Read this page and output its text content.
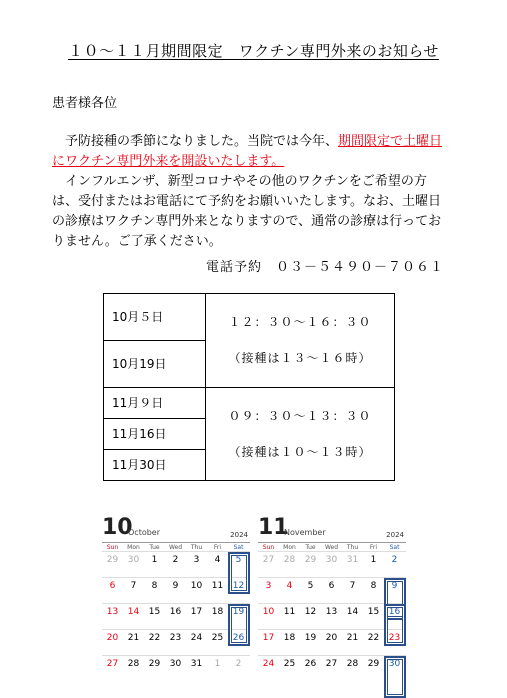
１０～１１月期間限定　ワクチン専門外来のお知らせ
患者様各位
　予防接種の季節になりました。当院では今年、期間限定で土曜日にワクチン専門外来を開設いたします。
　インフルエンザ、新型コロナやその他のワクチンをご希望の方は、受付またはお電話にて予約をお願いいたします。なお、土曜日の診療はワクチン専門外来となりますので、通常の診療は行っておりません。ご了承ください。
電話予約　０３－５４９０－７０６１
10月５日	１２：３０～１６：３０
（接種は１３～１６時）

10月19日	
11月９日	０９：３０～１３：３０
（接種は１０～１３時）

11月16日	
11月30日	
10
October	2024
Sun	Mon	Tue	Wed	Thu	Fri	Sat
29	30	1	2	3	4	5
6	7	8	9	10	11	12
13	14	15	16	17	18	19
20	21	22	23	24	25	26
27	28	29	30	31	1	2
11
November	2024
Sun	Mon	Tue	Wed	Thu	Fri	Sat
27	28	29	30	31	1	2
3	4	5	6	7	8	9
10	11	12	13	14	15	16
17	18	19	20	21	22	23
24	25	26	27	28	29	30
